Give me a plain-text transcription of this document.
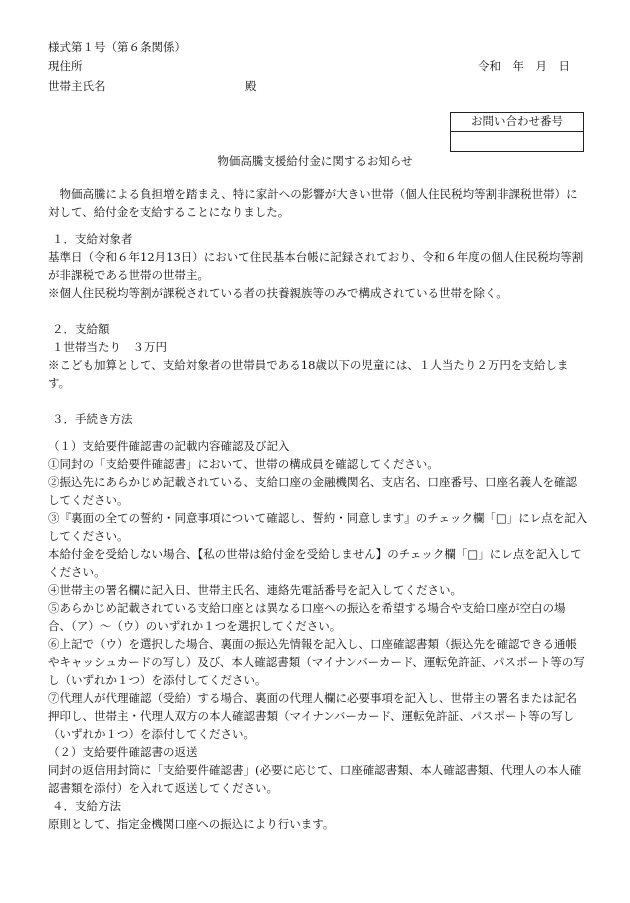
様式第１号（第６条関係）

現住所	令和　年　月　日

世帯主氏名	殿

お問い合わせ番号

物価高騰支援給付金に関するお知らせ

物価高騰による負担増を踏まえ、特に家計への影響が大きい世帯（個人住民税均等割非課税世帯）に対して、給付金を支給することになりました。

１．支給対象者

基準日（令和６年12月13日）において住民基本台帳に記録されており、令和６年度の個人住民税均等割が非課税である世帯の世帯主。

※個人住民税均等割が課税されている者の扶養親族等のみで構成されている世帯を除く。

２．支給額

１世帯当たり　３万円

※こども加算として、支給対象者の世帯員である18歳以下の児童には、１人当たり２万円を支給します。

３．手続き方法

（１）支給要件確認書の記載内容確認及び記入

①同封の「支給要件確認書」において、世帯の構成員を確認してください。

②振込先にあらかじめ記載されている、支給口座の金融機関名、支店名、口座番号、口座名義人を確認してください。

③『裏面の全ての誓約・同意事項について確認し、誓約・同意します』のチェック欄「□」にレ点を記入してください。

本給付金を受給しない場合、【私の世帯は給付金を受給しません】のチェック欄「□」にレ点を記入してください。

④世帯主の署名欄に記入日、世帯主氏名、連絡先電話番号を記入してください。

⑤あらかじめ記載されている支給口座とは異なる口座への振込を希望する場合や支給口座が空白の場合、（ア）～（ウ）のいずれか１つを選択してください。

⑥上記で（ウ）を選択した場合、裏面の振込先情報を記入し、口座確認書類（振込先を確認できる通帳やキャッシュカードの写し）及び、本人確認書類（マイナンバーカード、運転免許証、パスポート等の写し（いずれか１つ）を添付してください。

⑦代理人が代理確認（受給）する場合、裏面の代理人欄に必要事項を記入し、世帯主の署名または記名押印し、世帯主・代理人双方の本人確認書類（マイナンバーカード、運転免許証、パスポート等の写し（いずれか１つ）を添付してください。

（２）支給要件確認書の返送

同封の返信用封筒に「支給要件確認書」(必要に応じて、口座確認書類、本人確認書類、代理人の本人確認書類を添付）を入れて返送してください。

４．支給方法

原則として、指定金機関口座への振込により行います。
